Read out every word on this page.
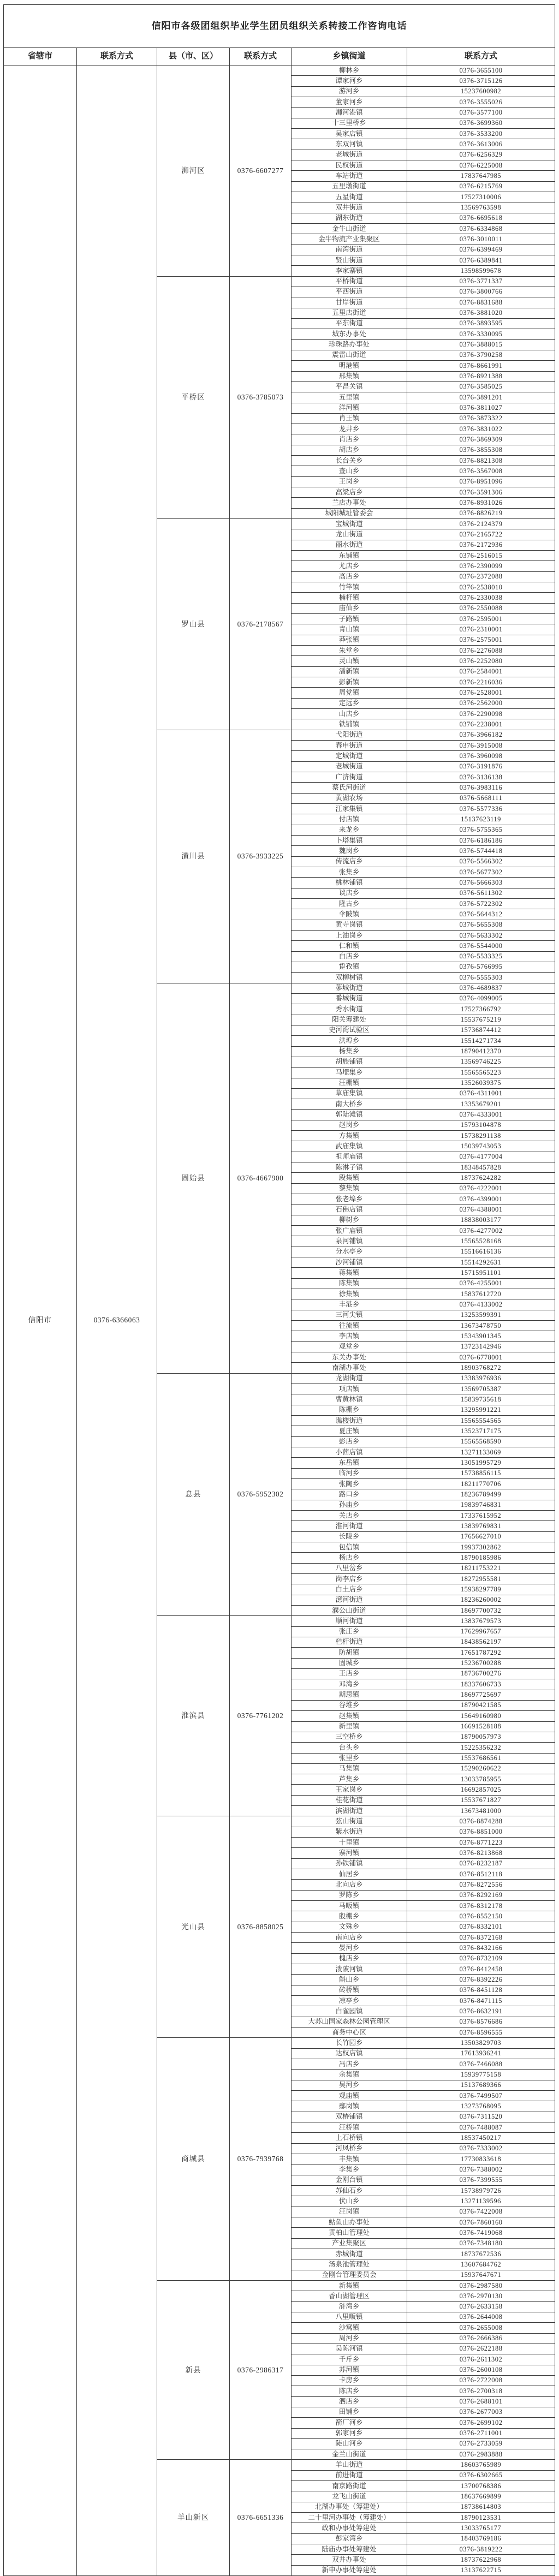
信阳市各级团组织毕业学生团员组织关系转接工作咨询电话					
省辖市	联系方式	县（市、区）	联系方式	乡镇街道	联系方式
信阳市	0376-6366063	浉河区	0376-6607277	柳林乡	0376-3655100
				谭家河乡	0376-3715126
				游河乡	15237600982
				董家河乡	0376-3555026
				浉河港镇	0376-3577100
				十三里桥乡	0376-3699360
				吴家店镇	0376-3533200
				东双河镇	0376-3613006
				老城街道	0376-6256329
				民权街道	0376-6225008
				车站街道	17837647985
				五里墩街道	0376-6215769
				五星街道	17527310006
				双井街道	13569763598
				湖东街道	0376-6695618
				金牛山街道	0376-6334868
				金牛物流产业集聚区	0376-3010011
				南湾街道	0376-6399469
				贤山街道	0376-6389841
				李家寨镇	13598599678
		平桥区	0376-3785073	平桥街道	0376-3771337
				平西街道	0376-3800766
				甘岸街道	0376-8831688
				五里店街道	0376-3881020
				平东街道	0376-3893595
				城东办事处	0376-3330095
				珍珠路办事处	0376-3888015
				震雷山街道	0376-3790258
				明港镇	0376-8661991
				邢集镇	0376-8921388
				平昌关镇	0376-3585025
				五里镇	0376-3891201
				洋河镇	0376-3811027
				肖王镇	0376-3873322
				龙井乡	0376-3831022
				肖店乡	0376-3869309
				胡店乡	0376-3855308
				长台关乡	0376-8821308
				查山乡	0376-3567008
				王岗乡	0376-8951096
				高粱店乡	0376-3591306
				兰店办事处	0376-8931026
				城阳城址管委会	0376-8826219
		罗山县	0376-2178567	宝城街道	0376-2124379
				龙山街道	0376-2165722
				丽水街道	0376-2172936
				东铺镇	0376-2516015
				尤店乡	0376-2390099
				高店乡	0376-2372088
				竹竿镇	0376-2538010
				楠杆镇	0376-2330038
				庙仙乡	0376-2550088
				子路镇	0376-2595001
				青山镇	0376-2310001
				莽张镇	0376-2575001
				朱堂乡	0376-2276088
				灵山镇	0376-2252080
				潘新镇	0376-2584001
				彭新镇	0376-2216036
				周党镇	0376-2528001
				定远乡	0376-2562000
				山店乡	0376-2290098
				铁铺镇	0376-2238001
		潢川县	0376-3933225	弋阳街道	0376-3966182
				春申街道	0376-3915008
				定城街道	0376-3960098
				老城街道	0376-3191876
				广济街道	0376-3136138
				蔡氏河街道	0376-3983116
				黄湖农场	0376-5668111
				江家集镇	0376-5577336
				付店镇	15137623119
				来龙乡	0376-5755365
				卜塔集镇	0376-6186186
				魏岗乡	0376-5744418
				传流店乡	0376-5566302
				张集乡	0376-5677302
				桃林铺镇	0376-5666303
				谈店乡	0376-5611302
				隆古乡	0376-5722302
				伞陂镇	0376-5644312
				黄寺岗镇	0376-5655308
				上油岗乡	0376-5633302
				仁和镇	0376-5544000
				白店乡	0376-5533325
				踅孜镇	0376-5766995
				双柳树镇	0376-5555303
		固始县	0376-4667900	蓼城街道	0376-4689837
				番城街道	0376-4099005
				秀水街道	17527366792
				阳关筹建处	15537675219
				史河湾试验区	15736874412
				洪埠乡	15514271734
				杨集乡	18790412370
				胡族铺镇	13569746225
				马堽集乡	15565565223
				汪棚镇	13526039375
				草庙集镇	0376-4311001
				南大桥乡	13353679201
				郭陆滩镇	0376-4333001
				赵岗乡	15793104878
				方集镇	15738291138
				武庙集镇	15039743053
				祖师庙镇	0376-4177004
				陈淋子镇	18348457828
				段集镇	18737624282
				黎集镇	0376-4222001
				张老埠乡	0376-4399001
				石佛店镇	0376-4388001
				柳树乡	18838003177
				张广庙镇	0376-4277002
				泉河铺镇	15565528168
				分水亭乡	15516616136
				沙河铺镇	15514292631
				蒋集镇	15715951101
				陈集镇	0376-4255001
				徐集镇	15837612720
				丰港乡	0376-4133002
				三河尖镇	13253599391
				往流镇	13673478750
				李店镇	15343901345
				观堂乡	13723142946
				东关办事处	0376-6778001
				南湖办事处	18903768272
		息县	0376-5952302	龙湖街道	13383976936
				项店镇	13569705387
				曹黄林镇	15839735618
				陈棚乡	13295991221
				谯楼街道	15565554565
				夏庄镇	13523717175
				彭店乡	15565568590
				小茴店镇	13271133069
				东岳镇	13051995729
				临河乡	15738856115
				张陶乡	18211770706
				路口乡	18236789499
				孙庙乡	19839746831
				关店乡	17337615952
				淮河街道	13839769831
				长陵乡	17656627010
				包信镇	19937302862
				杨店乡	18790185986
				八里岔乡	18211753221
				岗李店乡	18272955581
				白土店乡	15938297789
				澺河街道	18236260002
				濮公山街道	18697700732
		淮滨县	0376-7761202	顺河街道	13837679573
				张庄乡	17629967657
				栏杆街道	18438562197
				防胡镇	17651787292
				固城乡	15236700288
				王店乡	18736700276
				邓湾乡	18337606733
				期思镇	18697725697
				谷堆乡	18790421585
				赵集镇	15649160980
				新里镇	16691528188
				三空桥乡	18790057973
				台头乡	15225356232
				张里乡	15537686561
				马集镇	15290260622
				芦集乡	13033785955
				王家岗乡	16692857025
				桂花街道	15537671827
				滨湖街道	13673481000
		光山县	0376-8858025	弦山街道	0376-8874288
				紫水街道	0376-8851000
				十里镇	0376-8771223
				寨河镇	0376-8213868
				孙铁铺镇	0376-8232187
				仙居乡	0376-8512118
				北向店乡	0376-8272556
				罗陈乡	0376-8292169
				马畈镇	0376-8312178
				殷棚乡	0376-8552150
				文殊乡	0376-8332101
				南向店乡	0376-8372168
				晏河乡	0376-8432166
				槐店乡	0376-8732109
				泼陂河镇	0376-8412458
				斛山乡	0376-8392226
				砖桥镇	0376-8451128
				凉亭乡	0376-8471115
				白雀园镇	0376-8632191
				大苏山国家森林公园管理区	0376-8576686
				商务中心区	0376-8596555
		商城县	0376-7939768	长竹园乡	13503829703
				达权店镇	17613936241
				冯店乡	0376-7466088
				余集镇	15939775158
				吴河乡	15137689366
				观庙镇	0376-7499507
				鄢岗镇	13273768095
				双椿铺镇	0376-7311520
				汪桥镇	0376-7488087
				上石桥镇	18537450217
				河凤桥乡	0376-7333002
				丰集镇	17730833618
				李集乡	0376-7388002
				金刚台镇	0376-7399555
				苏仙石乡	15738979726
				伏山乡	13271139596
				汪岗镇	0376-7422008
				鲇鱼山办事处	0376-7860160
				黄柏山管理处	0376-7419068
				产业集聚区	0376-7348180
				赤城街道	18737672536
				汤泉池管理处	13607684762
				金刚台管理委员会	15937647671
		新县	0376-2986317	新集镇	0376-2987580
				香山湖管理区	0376-2970130
				浒湾乡	0376-2633158
				八里畈镇	0376-2644008
				沙窝镇	0376-2655008
				周河乡	0376-2666386
				吴陈河镇	0376-2622188
				千斤乡	0376-2611302
				苏河镇	0376-2600108
				卡房乡	0376-2722008
				陈店乡	0376-2700318
				泗店乡	0376-2688101
				田铺乡	0376-2677003
				箭厂河乡	0376-2699102
				郭家河乡	0376-2711001
				陡山河乡	0376-2733059
				金兰山街道	0376-2983888
		羊山新区	0376-6651336	羊山街道	18603765989
				前进街道	0376-6302665
				南京路街道	13700768386
				龙飞山街道	18637669899
				北湖办事处（筹建处）	18738614803
				二十里河办事处（筹建处）	18790123531
				政和办事处筹建处	13033765177
				彭家湾乡	18403769186
				陆庙办事处筹建处	0376-3819222
				双井办事处	18737622968
				新申办事处筹建处	13137622715
